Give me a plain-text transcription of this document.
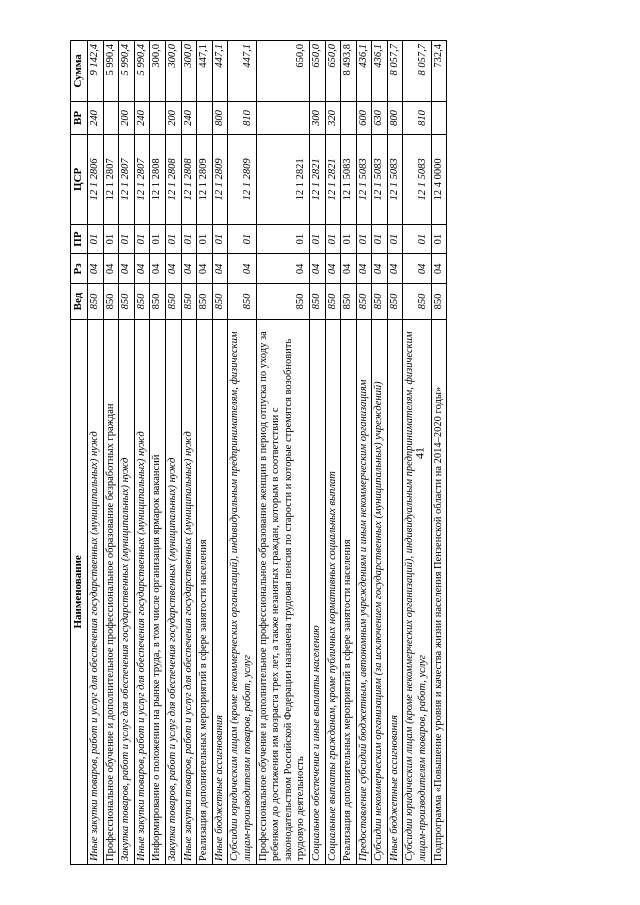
41
Наименование	Вед	Рз	ПР	ЦСР	ВР	Сумма
Иные закупки товаров, работ и услуг для обеспечения государственных (муниципальных) нужд	850	04	01	12 1 2806	240	9 142,4
Профессиональное обучение и дополнительное профессиональное образование безработных граждан	850	04	01	12 1 2807		5 990,4
Закупка товаров, работ и услуг для обеспечения государственных (муниципальных) нужд	850	04	01	12 1 2807	200	5 990,4
Иные закупки товаров, работ и услуг для обеспечения государственных (муниципальных) нужд	850	04	01	12 1 2807	240	5 990,4
Информирование о положении на рынке труда, в том числе организация ярмарок вакансий	850	04	01	12 1 2808		300,0
Закупка товаров, работ и услуг для обеспечения государственных (муниципальных) нужд	850	04	01	12 1 2808	200	300,0
Иные закупки товаров, работ и услуг для обеспечения государственных (муниципальных) нужд	850	04	01	12 1 2808	240	300,0
Реализация дополнительных мероприятий в сфере занятости населения	850	04	01	12 1 2809		447,1
Иные бюджетные ассигнования	850	04	01	12 1 2809	800	447,1
Субсидии юридическим лицам (кроме некоммерческих организаций), индивидуальным предпринимателям, физическим лицам-производителям товаров, работ, услуг	850	04	01	12 1 2809	810	447,1
Профессиональное обучение и дополнительное профессиональное образование женщин в период отпуска по уходу за ребенком до достижения им возраста трех лет, а также незанятых граждан, которым в соответствии с законодательством Российской Федерации назначена трудовая пенсия по старости и которые стремятся возобновить трудовую деятельность	850	04	01	12 1 2821		650,0
Социальное обеспечение и иные выплаты населению	850	04	01	12 1 2821	300	650,0
Социальные выплаты гражданам, кроме публичных нормативных социальных выплат	850	04	01	12 1 2821	320	650,0
Реализация дополнительных мероприятий в сфере занятости населения	850	04	01	12 1 5083		8 493,8
Предоставление субсидий бюджетным, автономным учреждениям и иным некоммерческим организациям	850	04	01	12 1 5083	600	436,1
Субсидии некоммерческим организациям (за исключением государственных (муниципальных) учреждений)	850	04	01	12 1 5083	630	436,1
Иные бюджетные ассигнования	850	04	01	12 1 5083	800	8 057,7
Субсидии юридическим лицам (кроме некоммерческих организаций), индивидуальным предпринимателям, физическим лицам-производителям товаров, работ, услуг	850	04	01	12 1 5083	810	8 057,7
Подпрограмма «Повышение уровня и качества жизни населения Пензенской области на 2014–2020 годы»	850	04	01	12 4 0000		732,4
